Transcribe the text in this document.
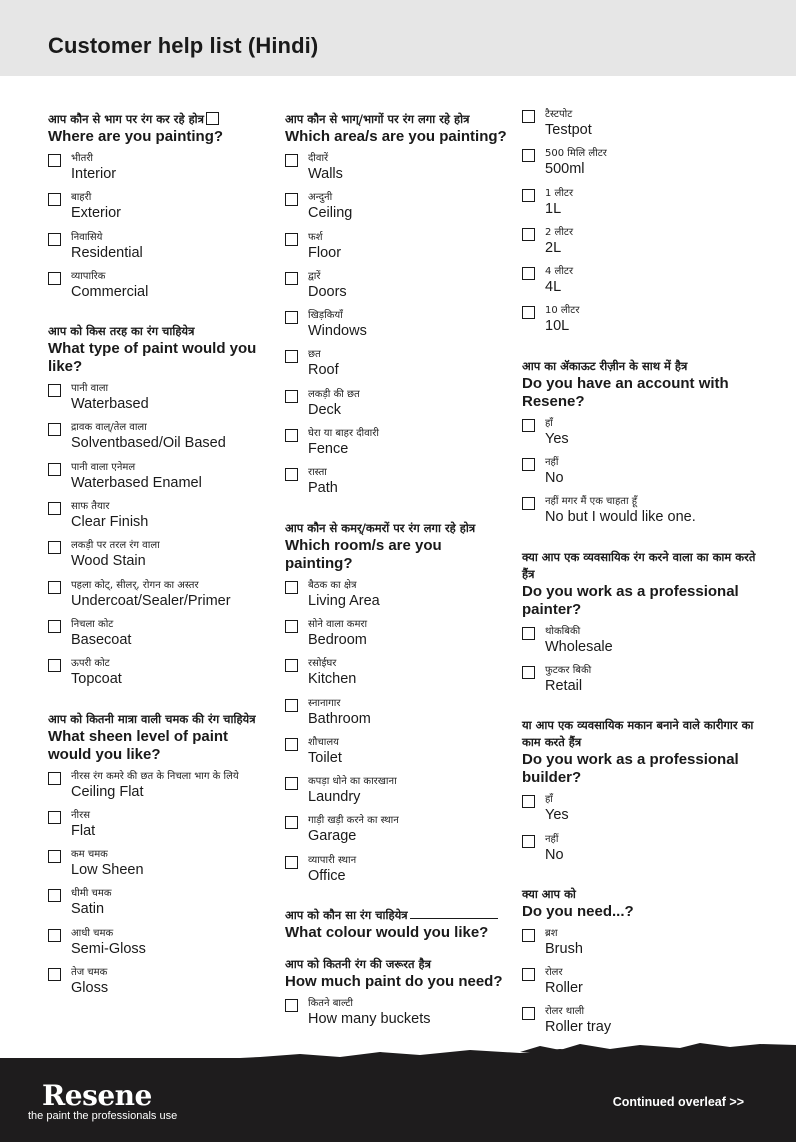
Customer help list (Hindi)
आप कौन से भाग पर रंग कर रहे होत्र
Where are you painting?
भीतरी
Interior
बाहरी
Exterior
निवासिये
Residential
व्यापारिक
Commercial
आप को किस तरह का रंग चाहियेत्र
What type of paint would you like?
पानी वाला
Waterbased
द्रावक वाल्/तेल वाला
Solventbased/Oil Based
पानी वाला एनेमल
Waterbased Enamel
साफ तैयार
Clear Finish
लकड़ी पर तरल रंग वाला
Wood Stain
पहला कोट्, सीलर्, रोगन का अस्तर
Undercoat/Sealer/Primer
निचला कोट
Basecoat
ऊपरी कोट
Topcoat
आप को कितनी मात्रा वाली चमक की रंग चाहियेत्र
What sheen level of paint would you like?
नीरस रंग कमरे की छत के निचला भाग के लिये
Ceiling Flat
नीरस
Flat
कम चमक
Low Sheen
धीमी चमक
Satin
आधी चमक
Semi-Gloss
तेज चमक
Gloss
आप कौन से भाग्/भागों पर रंग लगा रहे होत्र
Which area/s are you painting?
दीवारें
Walls
अन्दुनी
Ceiling
फर्श
Floor
द्वारें
Doors
खिड़कियाँ
Windows
छत
Roof
लकड़ी की छत
Deck
घेरा या बाहर दीवारी
Fence
रास्ता
Path
आप कौन से कमर्/कमरों पर रंग लगा रहे होत्र
Which room/s are you painting?
बैठक का क्षेत्र
Living Area
सोने वाला कमरा
Bedroom
रसोईघर
Kitchen
स्नानागार
Bathroom
शौचालय
Toilet
कपड़ा धोने का कारखाना
Laundry
गाड़ी खड़ी करने का स्थान
Garage
व्यापारी स्थान
Office
आप को कौन सा रंग चाहियेत्र
What colour would you like?
आप को कितनी रंग की जरूरत हैत्र
How much paint do you need?
कितने बाल्टी
How many buckets
टैस्टपोट
Testpot
500 मिलि लीटर
500ml
1 लीटर
1L
2 लीटर
2L
4 लीटर
4L
10 लीटर
10L
आप का ॲकाऊट रीज़ीन के साथ में हैत्र
Do you have an account with Resene?
हाँ
Yes
नहीं
No
नहीं मगर मैं एक चाहता हूँ
No but I would like one.
क्या आप एक व्यवसायिक रंग करने वाला का काम करते हैंत्र
Do you work as a professional painter?
थोकबिकी
Wholesale
फुटकर बिकी
Retail
या आप एक व्यवसायिक मकान बनाने वाले कारीगार का काम करते हैंत्र
Do you work as a professional builder?
हाँ
Yes
नहीं
No
क्या आप को
Do you need...?
ब्रश
Brush
रोलर
Roller
रोलर थाली
Roller tray
Resene
the paint the professionals use
Continued overleaf >>
